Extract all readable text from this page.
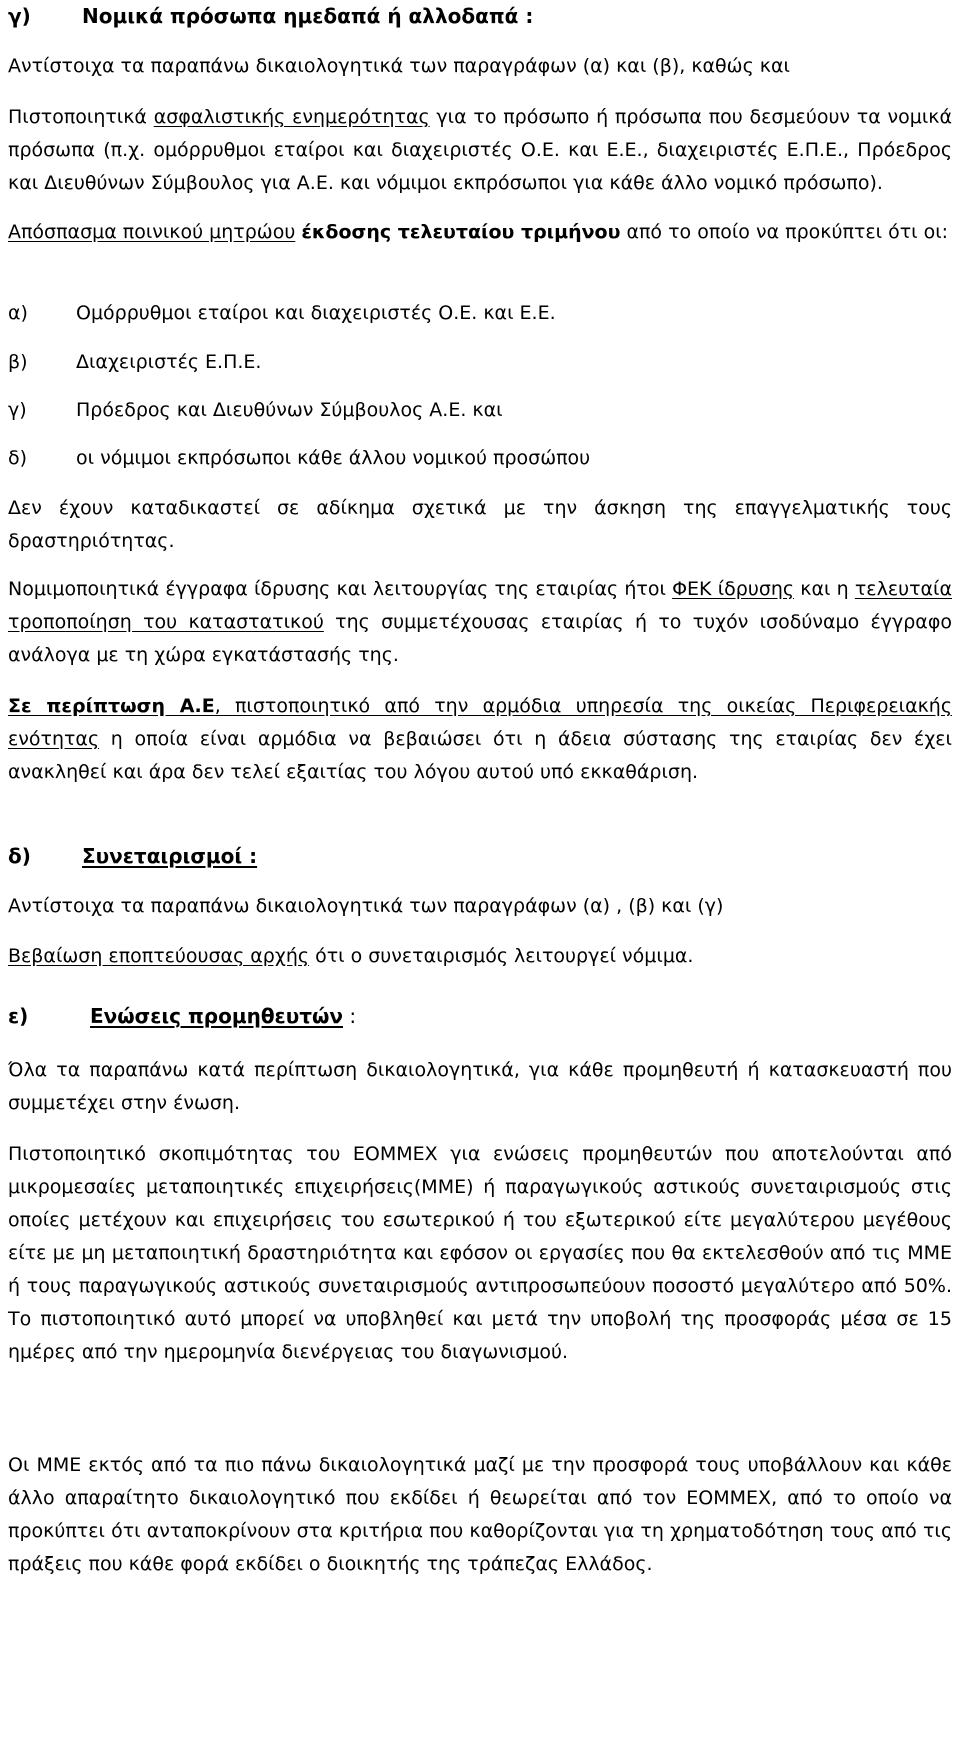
γ)	Νομικά πρόσωπα ημεδαπά ή αλλοδαπά :

Αντίστοιχα τα παραπάνω δικαιολογητικά των παραγράφων (α) και (β), καθώς και

Πιστοποιητικά ασφαλιστικής ενημερότητας για το πρόσωπο ή πρόσωπα που δεσμεύουν τα νομικά πρόσωπα (π.χ. ομόρρυθμοι εταίροι και διαχειριστές Ο.Ε. και Ε.Ε., διαχειριστές Ε.Π.Ε., Πρόεδρος και Διευθύνων Σύμβουλος για Α.Ε. και νόμιμοι εκπρόσωποι για κάθε άλλο νομικό πρόσωπο).

Απόσπασμα ποινικού μητρώου έκδοσης τελευταίου τριμήνου από το οποίο να προκύπτει ότι οι:

α)	Ομόρρυθμοι εταίροι και διαχειριστές Ο.Ε. και Ε.Ε.
β)	Διαχειριστές Ε.Π.Ε.
γ)	Πρόεδρος και Διευθύνων Σύμβουλος Α.Ε. και
δ)	οι νόμιμοι εκπρόσωποι κάθε άλλου νομικού προσώπου

Δεν έχουν καταδικαστεί σε αδίκημα σχετικά με την άσκηση της επαγγελματικής τους δραστηριότητας.

Νομιμοποιητικά έγγραφα ίδρυσης και λειτουργίας της εταιρίας ήτοι ΦΕΚ ίδρυσης και η τελευταία τροποποίηση του καταστατικού της συμμετέχουσας εταιρίας ή το τυχόν ισοδύναμο έγγραφο ανάλογα με τη χώρα εγκατάστασής της.

Σε περίπτωση Α.Ε, πιστοποιητικό από την αρμόδια υπηρεσία της οικείας Περιφερειακής ενότητας η οποία είναι αρμόδια να βεβαιώσει ότι η άδεια σύστασης της εταιρίας δεν έχει ανακληθεί και άρα δεν τελεί εξαιτίας του λόγου αυτού υπό εκκαθάριση.

δ)	Συνεταιρισμοί :

Αντίστοιχα τα παραπάνω δικαιολογητικά των παραγράφων (α) , (β) και (γ)

Βεβαίωση εποπτεύουσας αρχής ότι ο συνεταιρισμός λειτουργεί νόμιμα.

ε)	Ενώσεις προμηθευτών :

Όλα τα παραπάνω κατά περίπτωση δικαιολογητικά, για κάθε προμηθευτή ή κατασκευαστή που συμμετέχει στην ένωση.

Πιστοποιητικό σκοπιμότητας του ΕΟΜΜΕΧ για ενώσεις προμηθευτών που αποτελούνται από μικρομεσαίες μεταποιητικές επιχειρήσεις(ΜΜΕ) ή παραγωγικούς αστικούς συνεταιρισμούς στις οποίες μετέχουν και επιχειρήσεις του εσωτερικού ή του εξωτερικού είτε μεγαλύτερου μεγέθους είτε με μη μεταποιητική δραστηριότητα και εφόσον οι εργασίες που θα εκτελεσθούν από τις ΜΜΕ ή τους παραγωγικούς αστικούς συνεταιρισμούς αντιπροσωπεύουν ποσοστό μεγαλύτερο από 50%. Το πιστοποιητικό αυτό μπορεί να υποβληθεί και μετά την υποβολή της προσφοράς μέσα σε 15 ημέρες από την ημερομηνία διενέργειας του διαγωνισμού.

Οι ΜΜΕ εκτός από τα πιο πάνω δικαιολογητικά μαζί με την προσφορά τους υποβάλλουν και κάθε άλλο απαραίτητο δικαιολογητικό που εκδίδει ή θεωρείται από τον ΕΟΜΜΕΧ, από το οποίο να προκύπτει ότι ανταποκρίνουν στα κριτήρια που καθορίζονται για τη χρηματοδότηση τους από τις πράξεις που κάθε φορά εκδίδει ο διοικητής της τράπεζας Ελλάδος.
